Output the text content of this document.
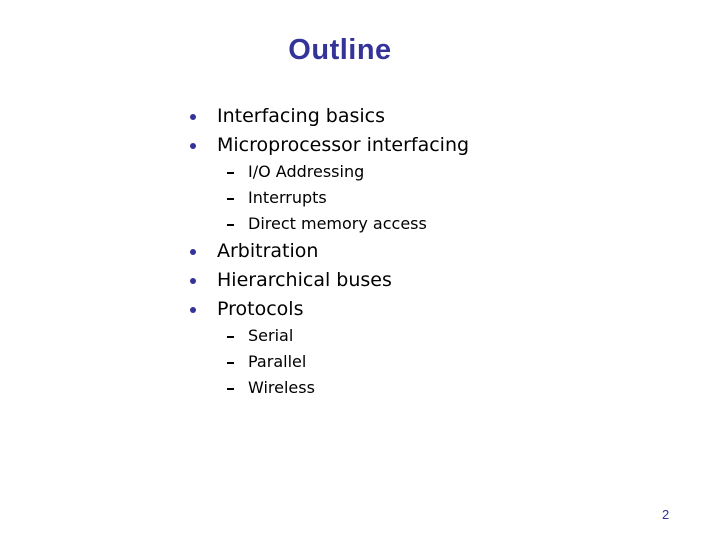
Outline
Interfacing basics
Microprocessor interfacing
I/O Addressing
Interrupts
Direct memory access
Arbitration
Hierarchical buses
Protocols
Serial
Parallel
Wireless
2
